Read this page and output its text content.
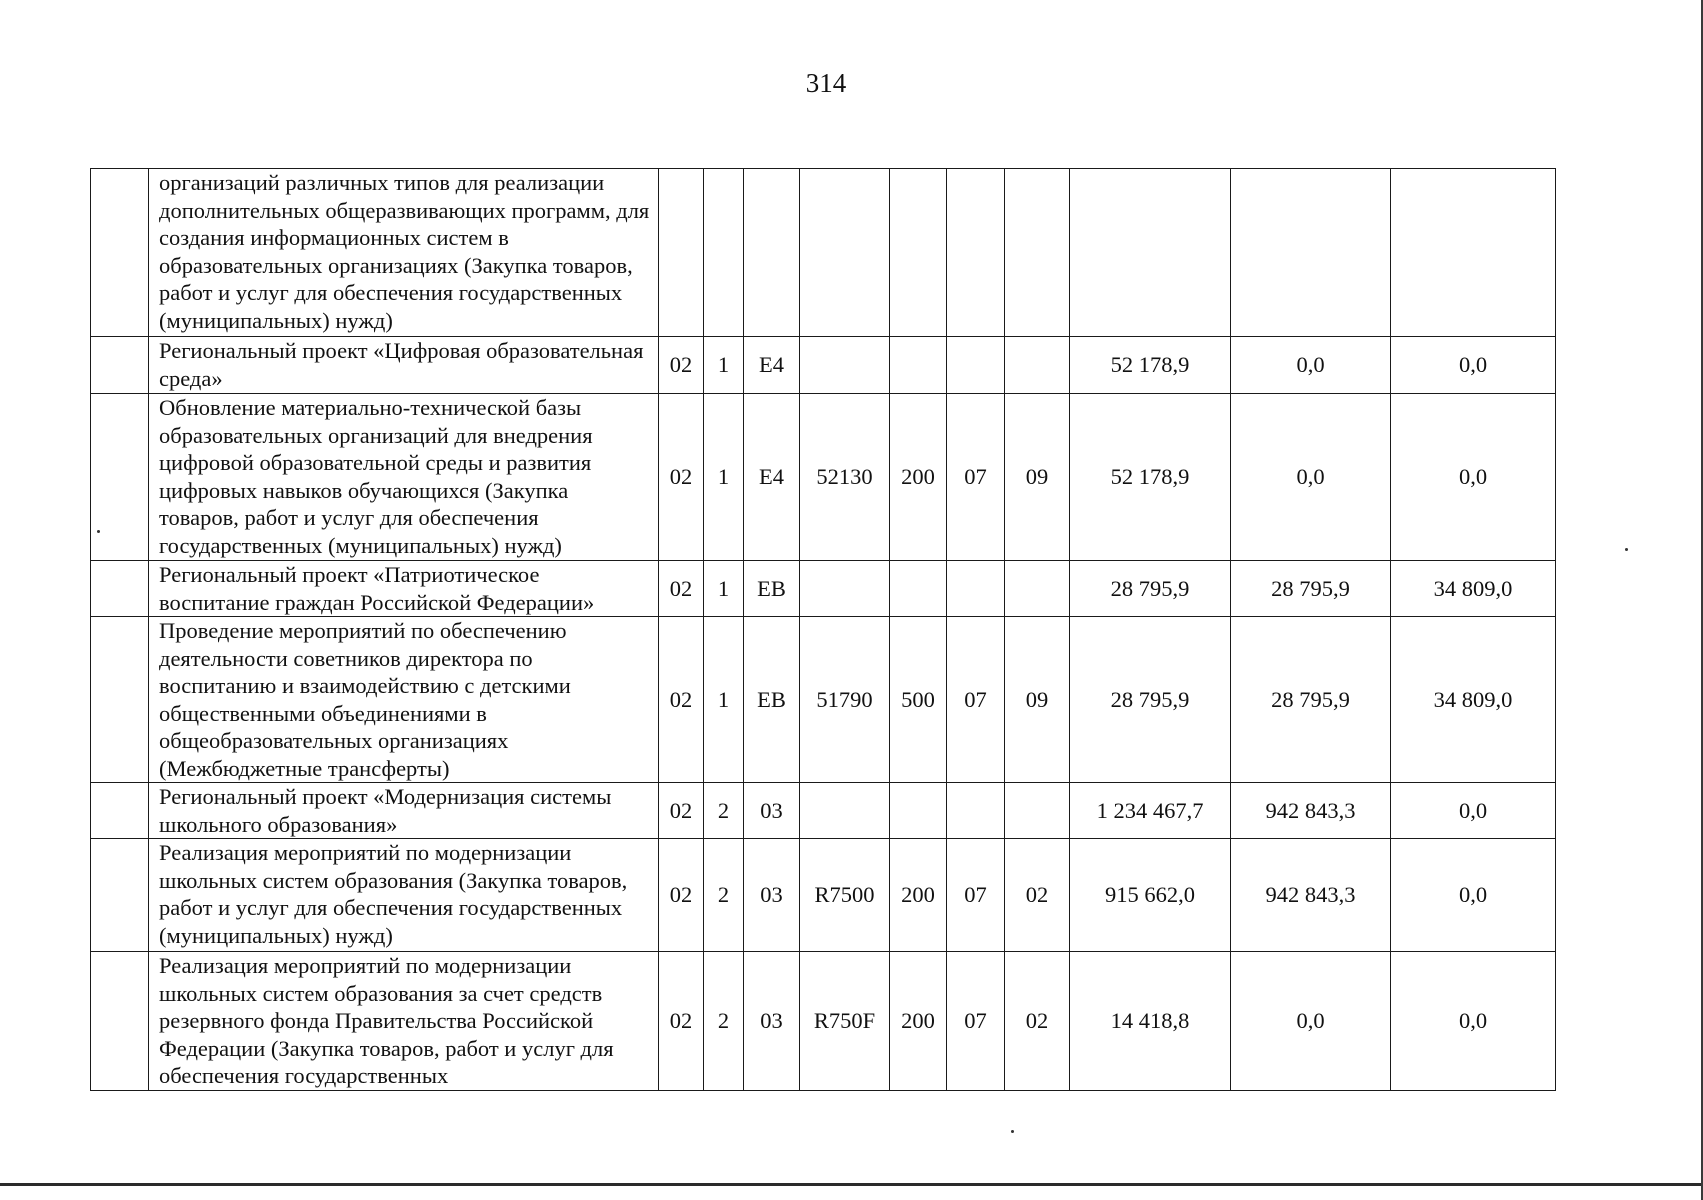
314
	организаций различных типов для реализации дополнительных общеразвивающих программ, для создания информационных систем в образовательных организациях (Закупка товаров, работ и услуг для обеспечения государственных (муниципальных) нужд)										
	Региональный проект «Цифровая образовательная среда»	02	1	Е4					52 178,9	0,0	0,0
	Обновление материально-технической базы образовательных организаций для внедрения цифровой образовательной среды и развития цифровых навыков обучающихся (Закупка товаров, работ и услуг для обеспечения государственных (муниципальных) нужд)	02	1	Е4	52130	200	07	09	52 178,9	0,0	0,0
	Региональный проект «Патриотическое воспитание граждан Российской Федерации»	02	1	ЕВ					28 795,9	28 795,9	34 809,0
	Проведение мероприятий по обеспечению деятельности советников директора по воспитанию и взаимодействию с детскими общественными объединениями в общеобразовательных организациях (Межбюджетные трансферты)	02	1	ЕВ	51790	500	07	09	28 795,9	28 795,9	34 809,0
	Региональный проект «Модернизация системы школьного образования»	02	2	03					1 234 467,7	942 843,3	0,0
	Реализация мероприятий по модернизации школьных систем образования (Закупка товаров, работ и услуг для обеспечения государственных (муниципальных) нужд)	02	2	03	R7500	200	07	02	915 662,0	942 843,3	0,0
	Реализация мероприятий по модернизации школьных систем образования за счет средств резервного фонда Правительства Российской Федерации (Закупка товаров, работ и услуг для обеспечения государственных	02	2	03	R750F	200	07	02	14 418,8	0,0	0,0
